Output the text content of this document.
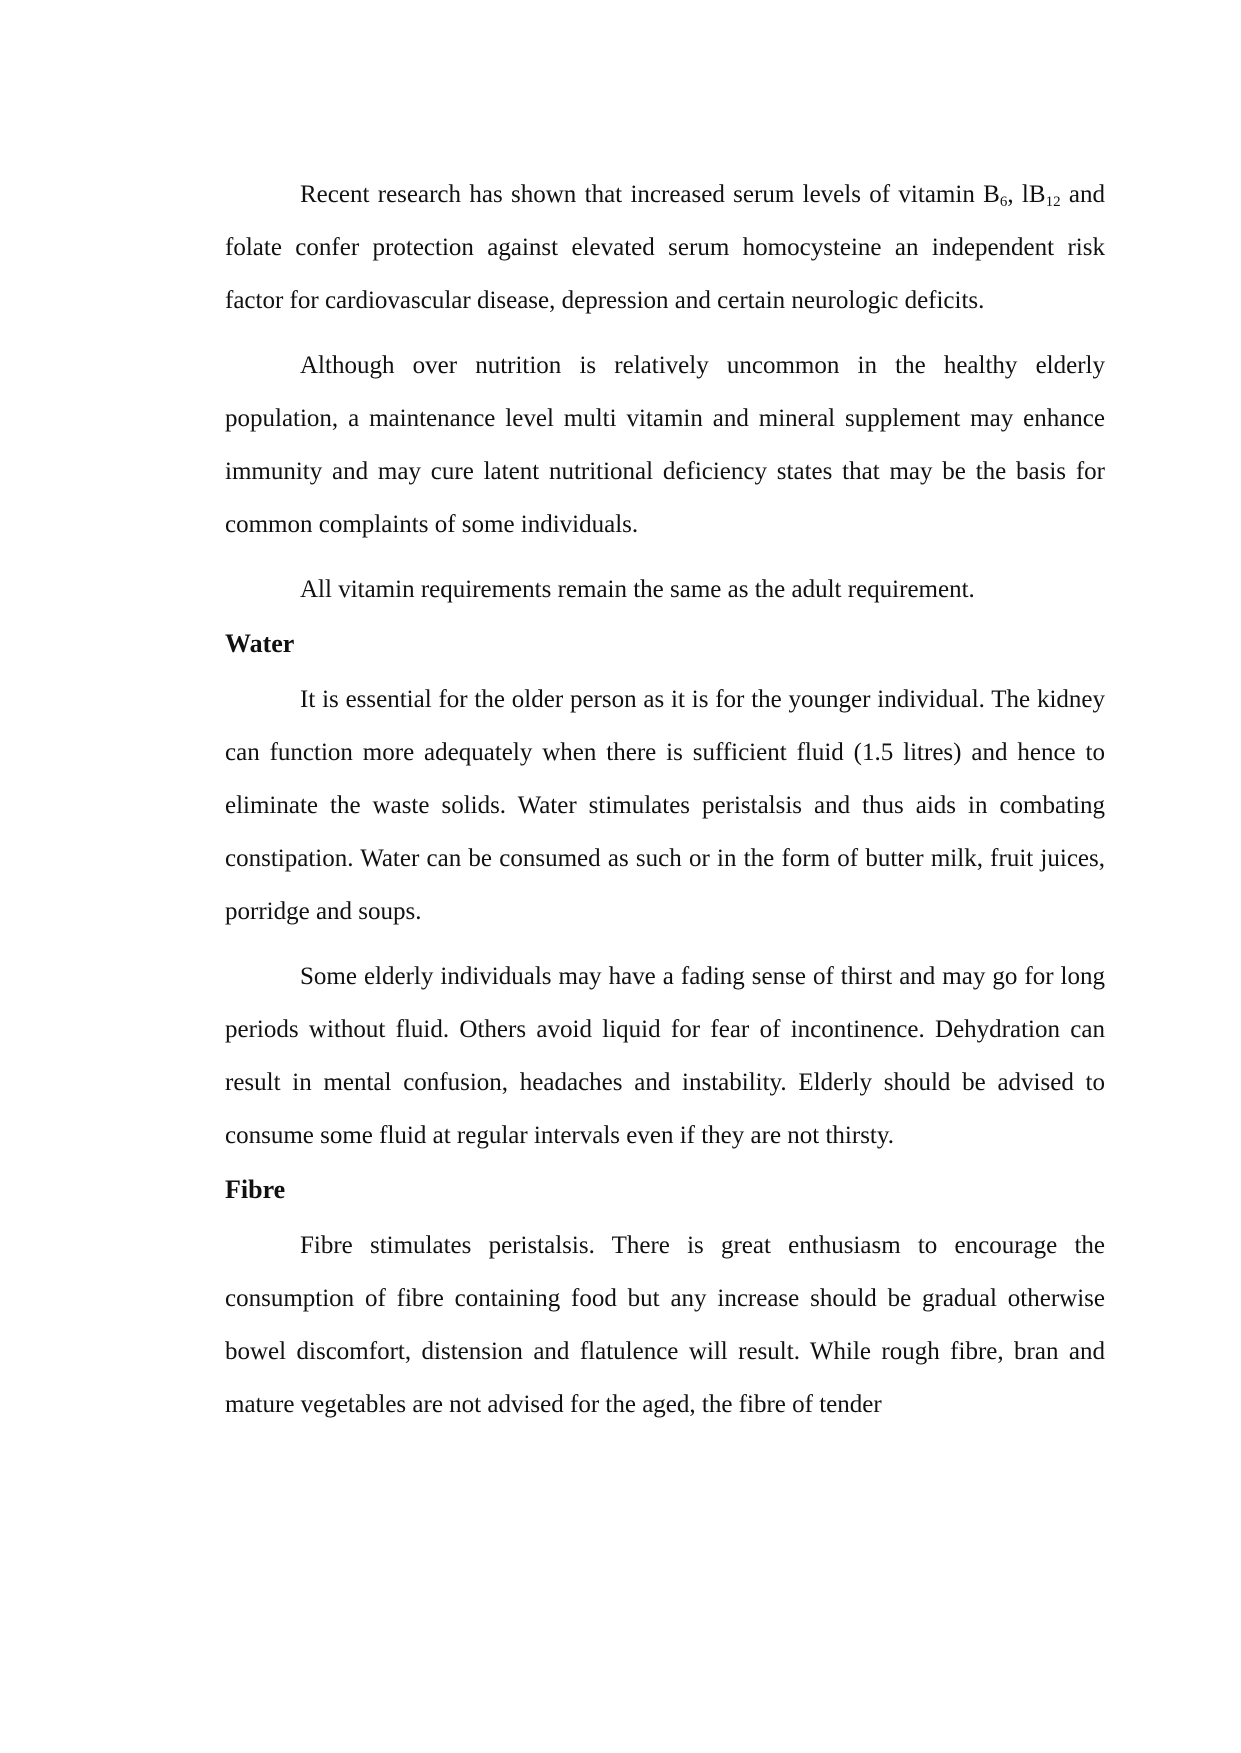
Recent research has shown that increased serum levels of vitamin $B_6$, $lB_{12}$ and folate confer protection against elevated serum homocysteine an independent risk factor for cardiovascular disease, depression and certain neurologic deficits.

Although over nutrition is relatively uncommon in the healthy elderly population, a maintenance level multi vitamin and mineral supplement may enhance immunity and may cure latent nutritional deficiency states that may be the basis for common complaints of some individuals.

All vitamin requirements remain the same as the adult requirement.

Water

It is essential for the older person as it is for the younger individual. The kidney can function more adequately when there is sufficient fluid (1.5 litres) and hence to eliminate the waste solids. Water stimulates peristalsis and thus aids in combating constipation. Water can be consumed as such or in the form of butter milk, fruit juices, porridge and soups.

Some elderly individuals may have a fading sense of thirst and may go for long periods without fluid. Others avoid liquid for fear of incontinence. Dehydration can result in mental confusion, headaches and instability. Elderly should be advised to consume some fluid at regular intervals even if they are not thirsty.

Fibre

Fibre stimulates peristalsis. There is great enthusiasm to encourage the consumption of fibre containing food but any increase should be gradual otherwise bowel discomfort, distension and flatulence will result. While rough fibre, bran and mature vegetables are not advised for the aged, the fibre of tender
